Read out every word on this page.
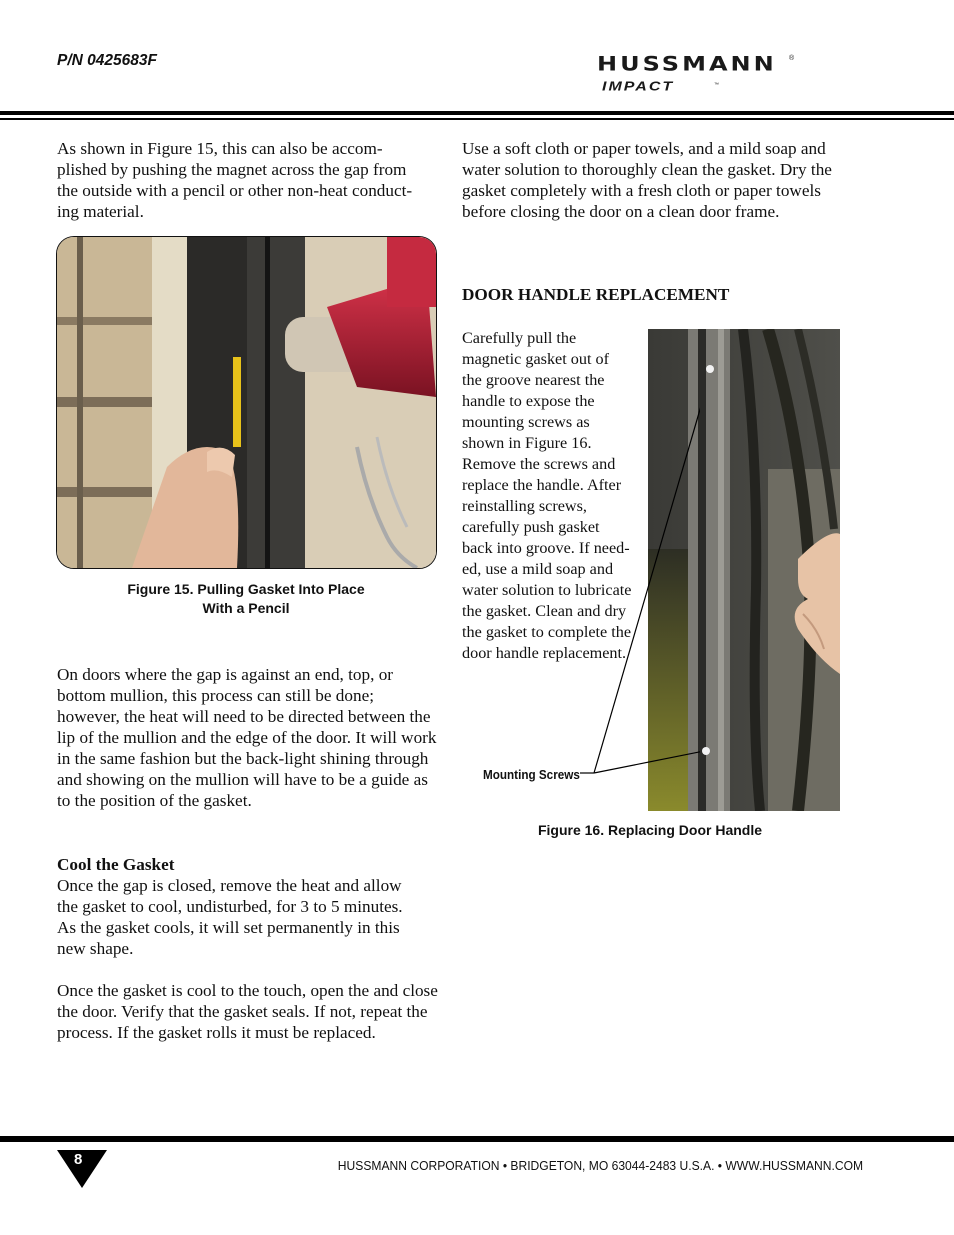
P/N 0425683F	HUSSMANN ®
IMPACT	™

As shown in Figure 15, this can also be accom-plished by pushing the magnet across the gap from the outside with a pencil or other non-heat conduct-ing material.

Figure 15. Pulling Gasket Into Place
With a Pencil

On doors where the gap is against an end, top, or bottom mullion, this process can still be done; however, the heat will need to be directed between the lip of the mullion and the edge of the door. It will work in the same fashion but the back-light shining through and showing on the mullion will have to be a guide as to the position of the gasket.

Cool the Gasket
Once the gap is closed, remove the heat and allow the gasket to cool, undisturbed, for 3 to 5 minutes. As the gasket cools, it will set permanently in this new shape.

Once the gasket is cool to the touch, open the and close the door. Verify that the gasket seals. If not, repeat the process. If the gasket rolls it must be replaced.

Use a soft cloth or paper towels, and a mild soap and water solution to thoroughly clean the gasket. Dry the gasket completely with a fresh cloth or paper towels before closing the door on a clean door frame.

DOOR HANDLE REPLACEMENT

Carefully pull the magnetic gasket out of the groove nearest the handle to expose the mounting screws as shown in Figure 16. Remove the screws and replace the handle. After reinstalling screws, carefully push gasket back into groove. If need-ed, use a mild soap and water solution to lubricate the gasket. Clean and dry the gasket to complete the door handle replacement.

Mounting Screws
Figure 16. Replacing Door Handle
8	HUSSMANN CORPORATION • BRIDGETON, MO 63044-2483 U.S.A. • WWW.HUSSMANN.COM
